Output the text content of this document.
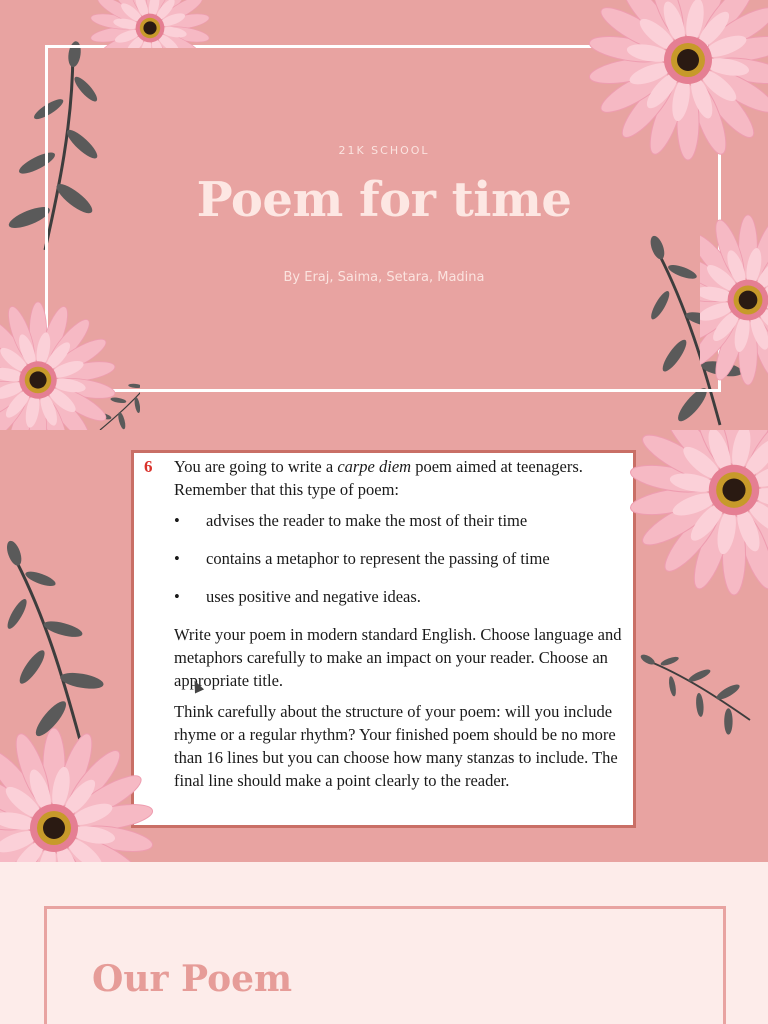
21K SCHOOL
Poem for time
By Eraj, Saima, Setara, Madina
6 You are going to write a carpe diem poem aimed at teenagers.
Remember that this type of poem:

• advises the reader to make the most of their time
• contains a metaphor to represent the passing of time
• uses positive and negative ideas.

Write your poem in modern standard English. Choose language and metaphors carefully to make an impact on your reader. Choose an appropriate title.

Think carefully about the structure of your poem: will you include rhyme or a regular rhythm? Your finished poem should be no more than 16 lines but you can choose how many stanzas to include. The final line should make a point clearly to the reader.

Our Poem
